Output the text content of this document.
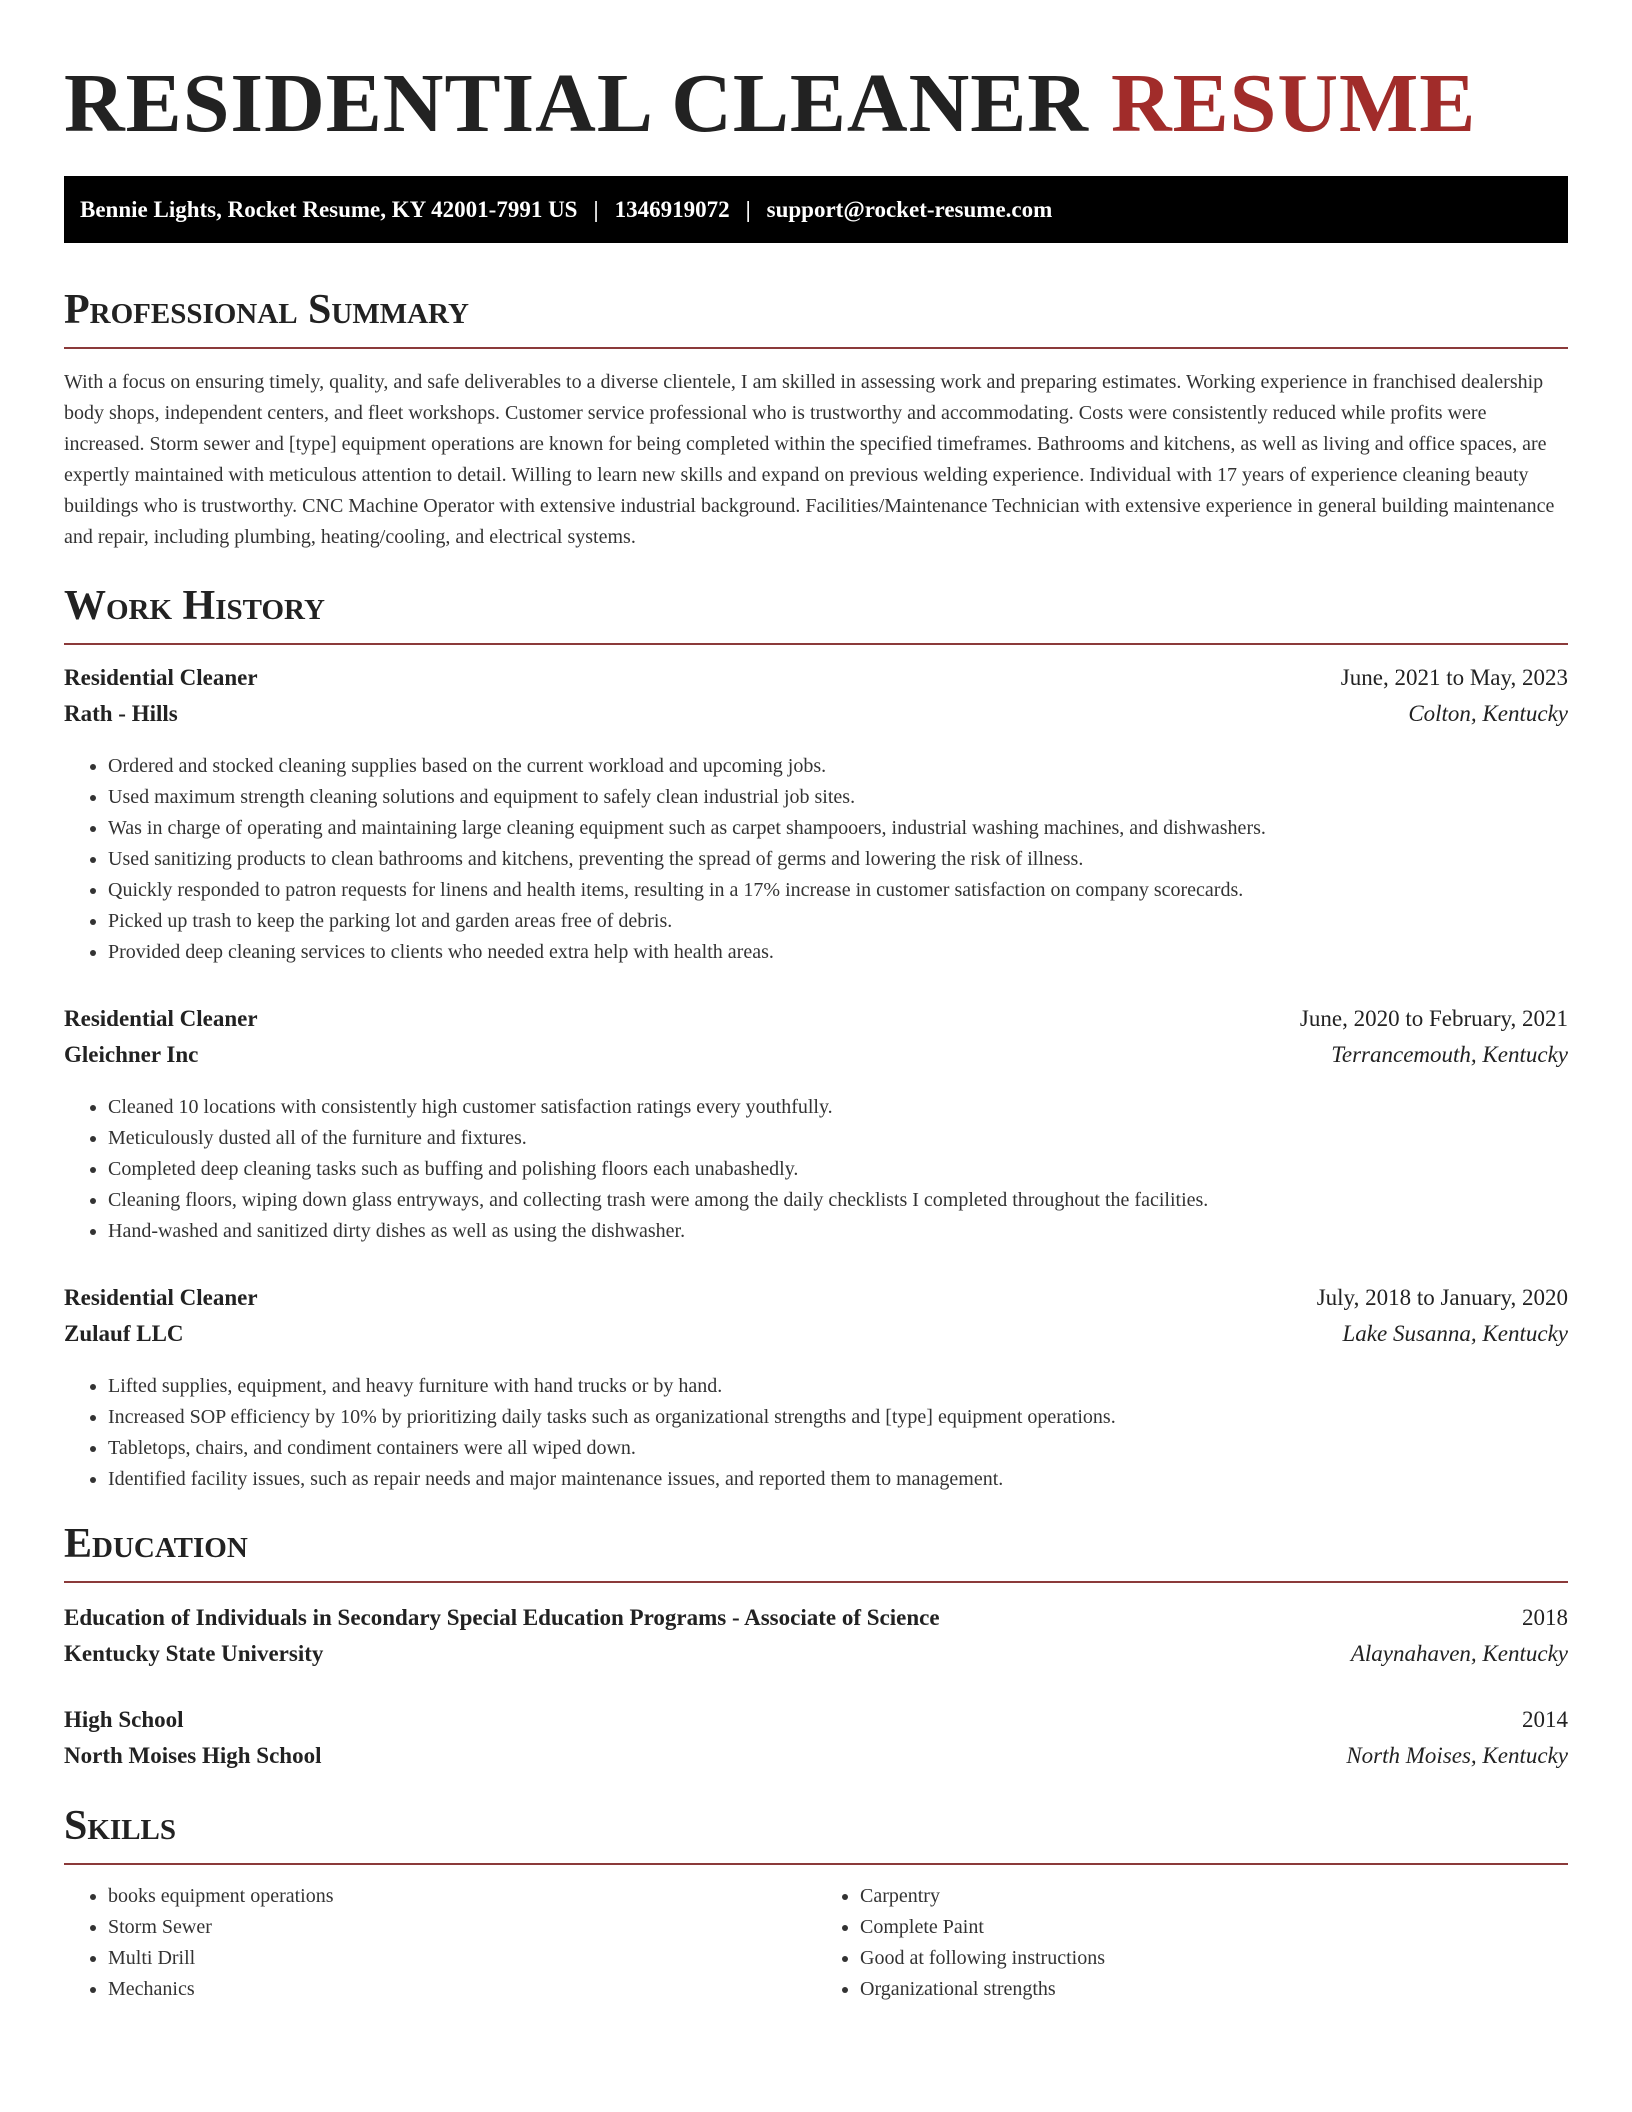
RESIDENTIAL CLEANER RESUME
Bennie Lights, Rocket Resume, KY 42001-7991 US | 1346919072 | support@rocket-resume.com
Professional Summary

With a focus on ensuring timely, quality, and safe deliverables to a diverse clientele, I am skilled in assessing work and preparing estimates. Working experience in franchised dealership body shops, independent centers, and fleet workshops. Customer service professional who is trustworthy and accommodating. Costs were consistently reduced while profits were increased. Storm sewer and [type] equipment operations are known for being completed within the specified timeframes. Bathrooms and kitchens, as well as living and office spaces, are expertly maintained with meticulous attention to detail. Willing to learn new skills and expand on previous welding experience. Individual with 17 years of experience cleaning beauty buildings who is trustworthy. CNC Machine Operator with extensive industrial background. Facilities/Maintenance Technician with extensive experience in general building maintenance and repair, including plumbing, heating/cooling, and electrical systems.

Work History
Residential Cleaner	June, 2021 to May, 2023
Rath - Hills	Colton, Kentucky
• Ordered and stocked cleaning supplies based on the current workload and upcoming jobs.
• Used maximum strength cleaning solutions and equipment to safely clean industrial job sites.
• Was in charge of operating and maintaining large cleaning equipment such as carpet shampooers, industrial washing machines, and dishwashers.
• Used sanitizing products to clean bathrooms and kitchens, preventing the spread of germs and lowering the risk of illness.
• Quickly responded to patron requests for linens and health items, resulting in a 17% increase in customer satisfaction on company scorecards.
• Picked up trash to keep the parking lot and garden areas free of debris.
• Provided deep cleaning services to clients who needed extra help with health areas.
Residential Cleaner	June, 2020 to February, 2021
Gleichner Inc	Terrancemouth, Kentucky
• Cleaned 10 locations with consistently high customer satisfaction ratings every youthfully.
• Meticulously dusted all of the furniture and fixtures.
• Completed deep cleaning tasks such as buffing and polishing floors each unabashedly.
• Cleaning floors, wiping down glass entryways, and collecting trash were among the daily checklists I completed throughout the facilities.
• Hand-washed and sanitized dirty dishes as well as using the dishwasher.
Residential Cleaner	July, 2018 to January, 2020
Zulauf LLC	Lake Susanna, Kentucky
• Lifted supplies, equipment, and heavy furniture with hand trucks or by hand.
• Increased SOP efficiency by 10% by prioritizing daily tasks such as organizational strengths and [type] equipment operations.
• Tabletops, chairs, and condiment containers were all wiped down.
• Identified facility issues, such as repair needs and major maintenance issues, and reported them to management.
Education
Education of Individuals in Secondary Special Education Programs - Associate of Science	2018
Kentucky State University	Alaynahaven, Kentucky
High School	2014
North Moises High School	North Moises, Kentucky
Skills
• books equipment operations
• Storm Sewer
• Multi Drill
• Mechanics
• Carpentry
• Complete Paint
• Good at following instructions
• Organizational strengths
